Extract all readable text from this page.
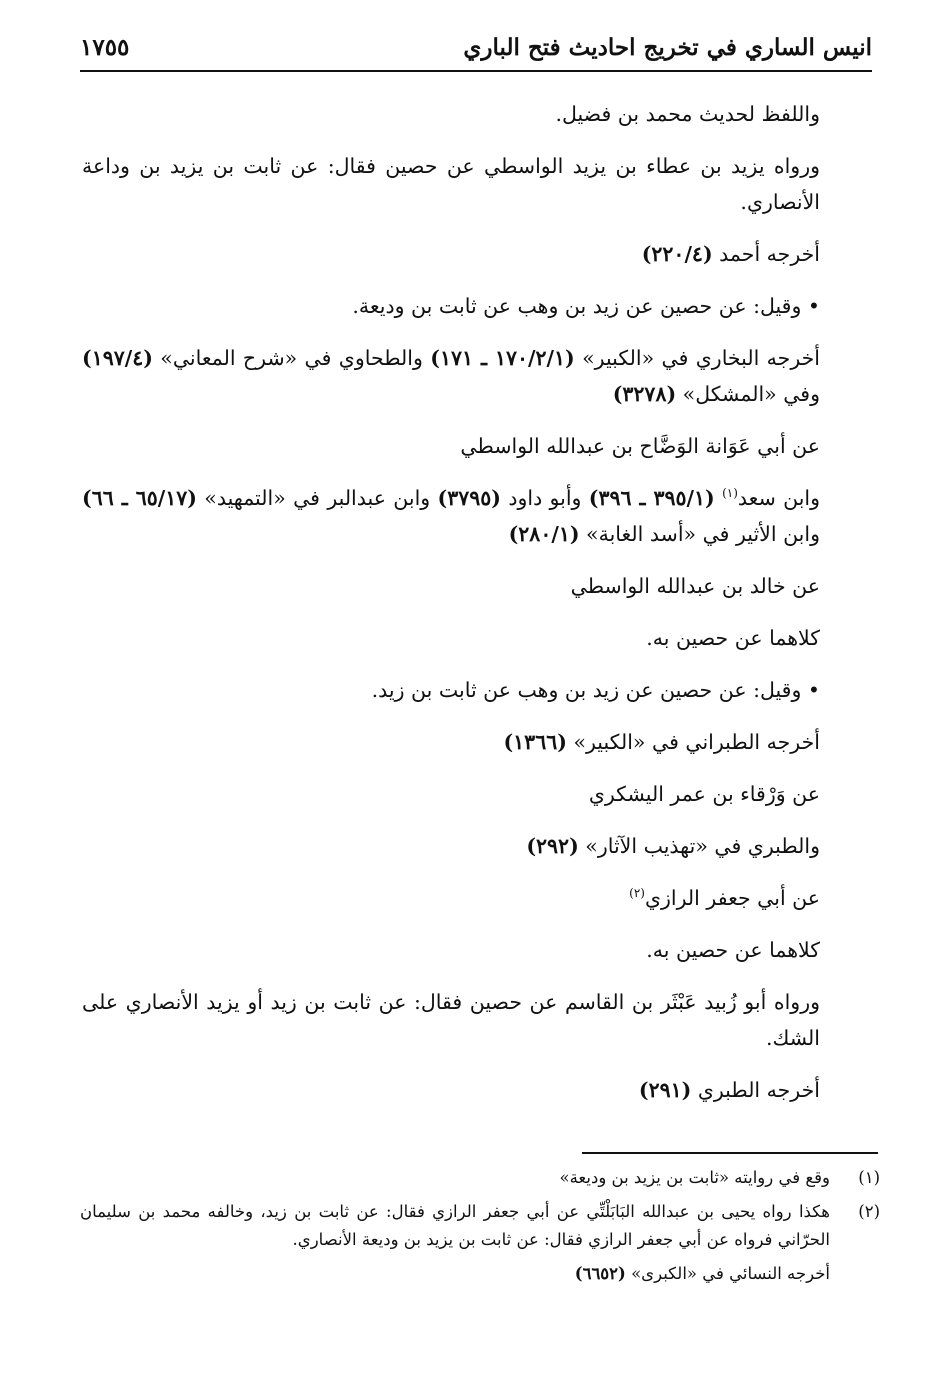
انيس الساري في تخريج احاديث فتح الباري
١٧٥٥

واللفظ لحديث محمد بن فضيل.

ورواه يزيد بن عطاء بن يزيد الواسطي عن حصين فقال: عن ثابت بن يزيد بن وداعة الأنصاري.

أخرجه أحمد (٢٢٠/٤)

• وقيل: عن حصين عن زيد بن وهب عن ثابت بن وديعة.

أخرجه البخاري في «الكبير» (١٧٠/٢/١ ـ ١٧١) والطحاوي في «شرح المعاني» (١٩٧/٤) وفي «المشكل» (٣٢٧٨)

عن أبي عَوَانة الوَضَّاح بن عبدالله الواسطي

وابن سعد$^{(١)}$ (٣٩٥/١ ـ ٣٩٦) وأبو داود (٣٧٩٥) وابن عبدالبر في «التمهيد» (٦٥/١٧ ـ ٦٦) وابن الأثير في «أسد الغابة» (٢٨٠/١)

عن خالد بن عبدالله الواسطي

كلاهما عن حصين به.

• وقيل: عن حصين عن زيد بن وهب عن ثابت بن زيد.

أخرجه الطبراني في «الكبير» (١٣٦٦)

عن وَرْقاء بن عمر اليشكري

والطبري في «تهذيب الآثار» (٢٩٢)

عن أبي جعفر الرازي$^{(٢)}$

كلاهما عن حصين به.

ورواه أبو زُبيد عَبْثَر بن القاسم عن حصين فقال: عن ثابت بن زيد أو يزيد الأنصاري على الشك.

أخرجه الطبري (٢٩١)

(١)
وقع في روايته «ثابت بن يزيد بن وديعة»
(٢)
هكذا رواه يحيى بن عبدالله البَابَلْتِّي عن أبي جعفر الرازي فقال: عن ثابت بن زيد، وخالفه محمد بن سليمان الحرّاني فرواه عن أبي جعفر الرازي فقال: عن ثابت بن يزيد بن وديعة الأنصاري.
أخرجه النسائي في «الكبرى» (٦٦٥٢)
